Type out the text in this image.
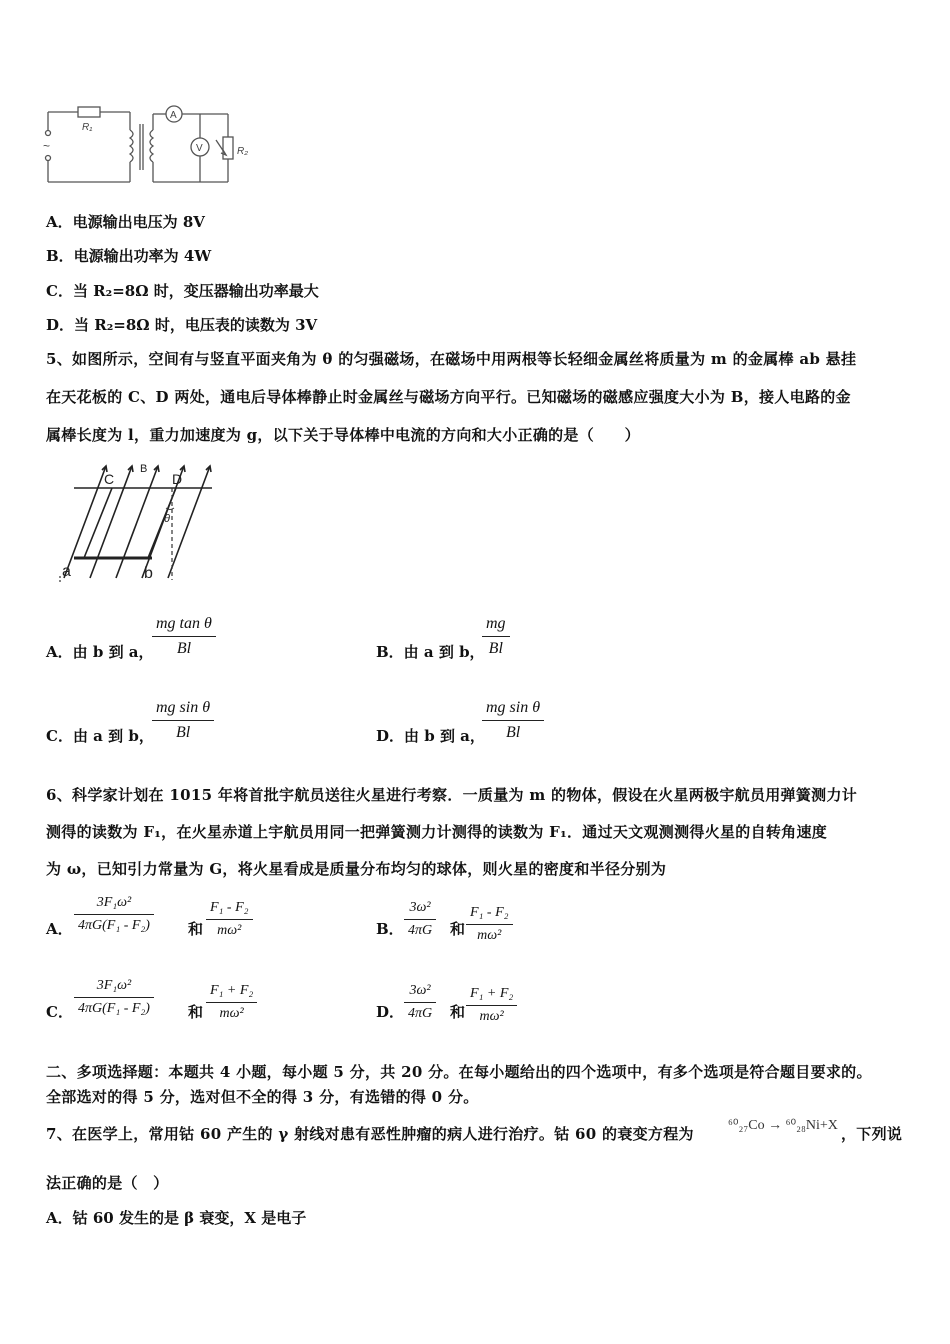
~
R₁
A
V	R₂
A．电源输出电压为 8V
B．电源输出功率为 4W
C．当 R₂=8Ω 时，变压器输出功率最大
D．当 R₂=8Ω 时，电压表的读数为 3V
5、如图所示，空间有与竖直平面夹角为 θ 的匀强磁场，在磁场中用两根等长轻细金属丝将质量为 m 的金属棒 ab 悬挂
在天花板的 C、D 两处，通电后导体棒静止时金属丝与磁场方向平行。已知磁场的磁感应强度大小为 B，接人电路的金
属棒长度为 l，重力加速度为 g，以下关于导体棒中电流的方向和大小正确的是（　　）
C
B
D
θ
a	b
A．由 b 到 a，
$\frac{\text{mg tan θ}}{Bl}$	B．由 a 到 b，
$\frac{mg}{Bl}$
C．由 a 到 b，
$\frac{\text{mg sin θ}}{Bl}$	D．由 b 到 a，
$\frac{\text{mg sin θ}}{Bl}$
6、科学家计划在 1015 年将首批宇航员送往火星进行考察．一质量为 m 的物体，假设在火星两极宇航员用弹簧测力计
测得的读数为 F₁，在火星赤道上宇航员用同一把弹簧测力计测得的读数为 F₁．通过天文观测测得火星的自转角速度
为 ω，已知引力常量为 G，将火星看成是质量分布均匀的球体，则火星的密度和半径分别为
A． $\frac{\text{3F₁ω²}}{\text{4πG(F₁ - F₂)}}$ 和 $\frac{\text{F₁ - F₂}}{\text{mω²}}$	B． $\frac{\text{3ω²}}{4\pi G}$ 和 $\frac{\text{F₁ - F₂}}{\text{mω²}}$
C． $\frac{\text{3F₁ω²}}{\text{4πG(F₁ - F₂)}}$ 和 $\frac{\text{F₁ + F₂}}{\text{mω²}}$	D． $\frac{\text{3ω²}}{4\pi G}$ 和 $\frac{\text{F₁ + F₂}}{\text{mω²}}$
二、多项选择题：本题共 4 小题，每小题 5 分，共 20 分。在每小题给出的四个选项中，有多个选项是符合题目要求的。
全部选对的得 5 分，选对但不全的得 3 分，有选错的得 0 分。
7、在医学上，常用钴 60 产生的 γ 射线对患有恶性肿瘤的病人进行治疗。钴 60 的衰变方程为 ⁶⁰₂₇Co → ⁶⁰₂₈Ni+X ，下列说
法正确的是（　）
A．钴 60 发生的是 β 衰变，X 是电子
